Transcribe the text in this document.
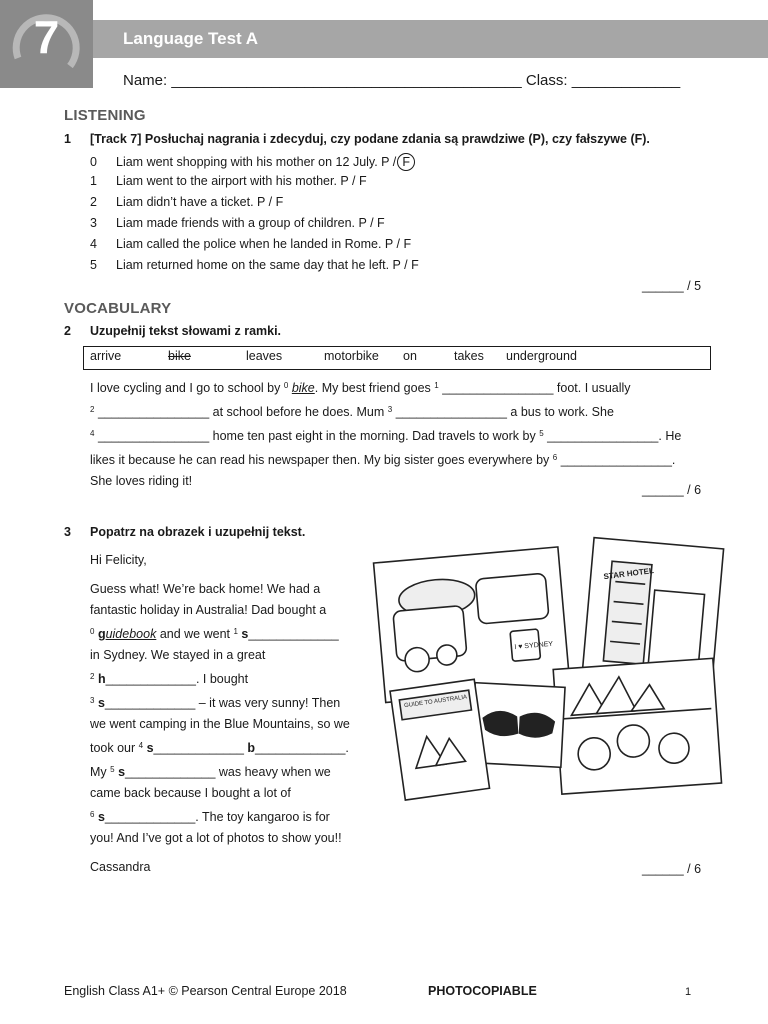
7	Language Test A
Name: __________________________________________ Class: _____________
LISTENING
1 [Track 7] Posłuchaj nagrania i zdecyduj, czy podane zdania są prawdziwe (P), czy fałszywe (F).
0 Liam went shopping with his mother on 12 July. P / F
1 Liam went to the airport with his mother. P / F
2 Liam didn’t have a ticket. P / F
3 Liam made friends with a group of children. P / F
4 Liam called the police when he landed in Rome. P / F
5 Liam returned home on the same day that he left. P / F
______ / 5
VOCABULARY
2 Uzupełnij tekst słowami z ramki.
arrive	bike	leaves	motorbike on	takes underground
I love cycling and I go to school by $^0$ bike. My best friend goes $^1$ ________________ foot. I usually
$^2$ ________________ at school before he does. Mum $^3$ ________________ a bus to work. She
$^4$ ________________ home ten past eight in the morning. Dad travels to work by $^5$ ________________. He
likes it because he can read his newspaper then. My big sister goes everywhere by $^6$ ________________.
She loves riding it!
______ / 6
3 Popatrz na obrazek i uzupełnij tekst.
Hi Felicity,
Guess what! We’re back home! We had a
fantastic holiday in Australia! Dad bought a
$^0$ guidebook and we went $^1$ s_____________
in Sydney. We stayed in a great
$^2$ h_____________. I bought
$^3$ s_____________ – it was very sunny! Then
we went camping in the Blue Mountains, so we
took our $^4$ s_____________ b_____________.
My $^5$ s_____________ was heavy when we
came back because I bought a lot of
$^6$ s_____________. The toy kangaroo is for
you! And I’ve got a lot of photos to show you!!
Cassandra
I ♥ SYDNEY
STAR HOTEL
GUIDE TO AUSTRALIA
______ / 6
English Class A1+ © Pearson Central Europe 2018	PHOTOCOPIABLE	1
